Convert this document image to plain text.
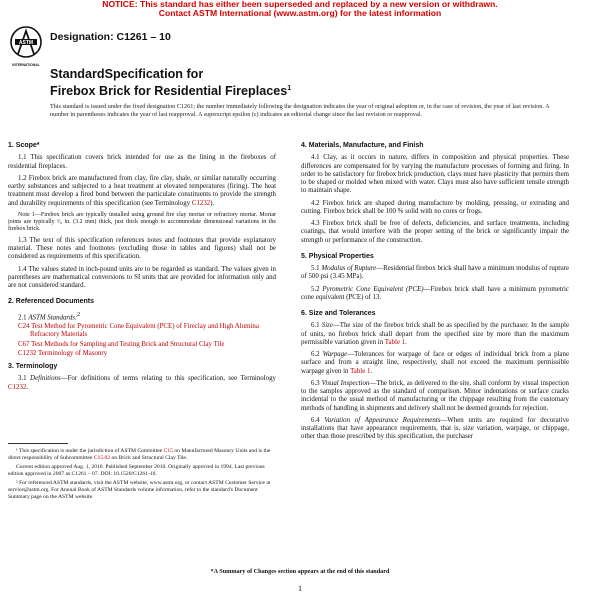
NOTICE: This standard has either been superseded and replaced by a new version or withdrawn.
Contact ASTM International (www.astm.org) for the latest information
ASTM
INTERNATIONAL
Designation: C1261 – 10
StandardSpecification for
Firebox Brick for Residential Fireplaces$^1$
This standard is issued under the fixed designation C1261; the number immediately following the designation indicates the year of original adoption or, in the case of revision, the year of last revision. A number in parentheses indicates the year of last reapproval. A superscript epsilon (ε) indicates an editorial change since the last revision or reapproval.
1. Scope*

1.1 This specification covers brick intended for use as the lining in the fireboxes of residential fireplaces.

1.2 Firebox brick are manufactured from clay, fire clay, shale, or similar naturally occurring earthy substances and subjected to a heat treatment at elevated temperatures (firing). The heat treatment must develop a fired bond between the particulate constituents to provide the strength and durability requirements of this specification (see Terminology C1232).

Note 1—Firebox brick are typically installed using ground fire clay mortar or refractory mortar. Mortar joints are typically ¹⁄₈ in. (3.2 mm) thick, just thick enough to accommodate dimensional variations in the firebox brick.

1.3 The text of this specification references notes and footnotes that provide explanatory material. These notes and footnotes (excluding those in tables and figures) shall not be considered as requirements of this specification.

1.4 The values stated in inch-pound units are to be regarded as standard. The values given in parentheses are mathematical conversions to SI units that are provided for information only and are not considered standard.

2. Referenced Documents

2.1 ASTM Standards:$^2$

C24 Test Method for Pyrometric Cone Equivalent (PCE) of Fireclay and High Alumina Refractory Materials

C67 Test Methods for Sampling and Testing Brick and Structural Clay Tile

C1232 Terminology of Masonry

3. Terminology

3.1 Definitions—For definitions of terms relating to this specification, see Terminology C1232.

¹ This specification is under the jurisdiction of ASTM Committee C15 on Manufactured Masonry Units and is the direct responsibility of Subcommittee C15.02 on Brick and Structural Clay Tile.

Current edition approved Aug. 1, 2010. Published September 2010. Originally approved in 1994. Last previous edition approved in 2007 as C1261 – 07. DOI: 10.1520/C1261-10.

² For referenced ASTM standards, visit the ASTM website, www.astm.org, or contact ASTM Customer Service at service@astm.org. For Annual Book of ASTM Standards volume information, refer to the standard's Document Summary page on the ASTM website.

4. Materials, Manufacture, and Finish

4.1 Clay, as it occurs in nature, differs in composition and physical properties. These differences are compensated for by varying the manufacture processes of forming and firing. In order to be satisfactory for firebox brick production, clays must have plasticity that permits them to be shaped or molded when mixed with water. Clays must also have sufficient tensile strength to maintain shape.

4.2 Firebox brick are shaped during manufacture by molding, pressing, or extruding and cutting. Firebox brick shall be 100 % solid with no cores or frogs.

4.3 Firebox brick shall be free of defects, deficiencies, and surface treatments, including coatings, that would interfere with the proper setting of the brick or significantly impair the strength or performance of the construction.

5. Physical Properties

5.1 Modulus of Rupture—Residential firebox brick shall have a minimum modulus of rupture of 500 psi (3.45 MPa).

5.2 Pyrometric Cone Equivalent (PCE)—Firebox brick shall have a minimum pyrometric cone equivalent (PCE) of 13.

6. Size and Tolerances

6.1 Size—The size of the firebox brick shall be as specified by the purchaser. In the sample of units, no firebox brick shall depart from the specified size by more than the maximum permissible variation given in Table 1.

6.2 Warpage—Tolerances for warpage of face or edges of individual brick from a plane surface and from a straight line, respectively, shall not exceed the maximum permissible warpage given in Table 1.

6.3 Visual Inspection—The brick, as delivered to the site, shall conform by visual inspection to the samples approved as the standard of comparison. Minor indentations or surface cracks incidental to the usual method of manufacturing or the chippage resulting from the customary methods of handling in shipments and delivery shall not be deemed grounds for rejection.

6.4 Variation of Appearance Requirements—When units are required for decorative installations that have appearance requirements, that is, size variation, warpage, or chippage, other than those prescribed by this specification, the purchaser

*A Summary of Changes section appears at the end of this standard
1
